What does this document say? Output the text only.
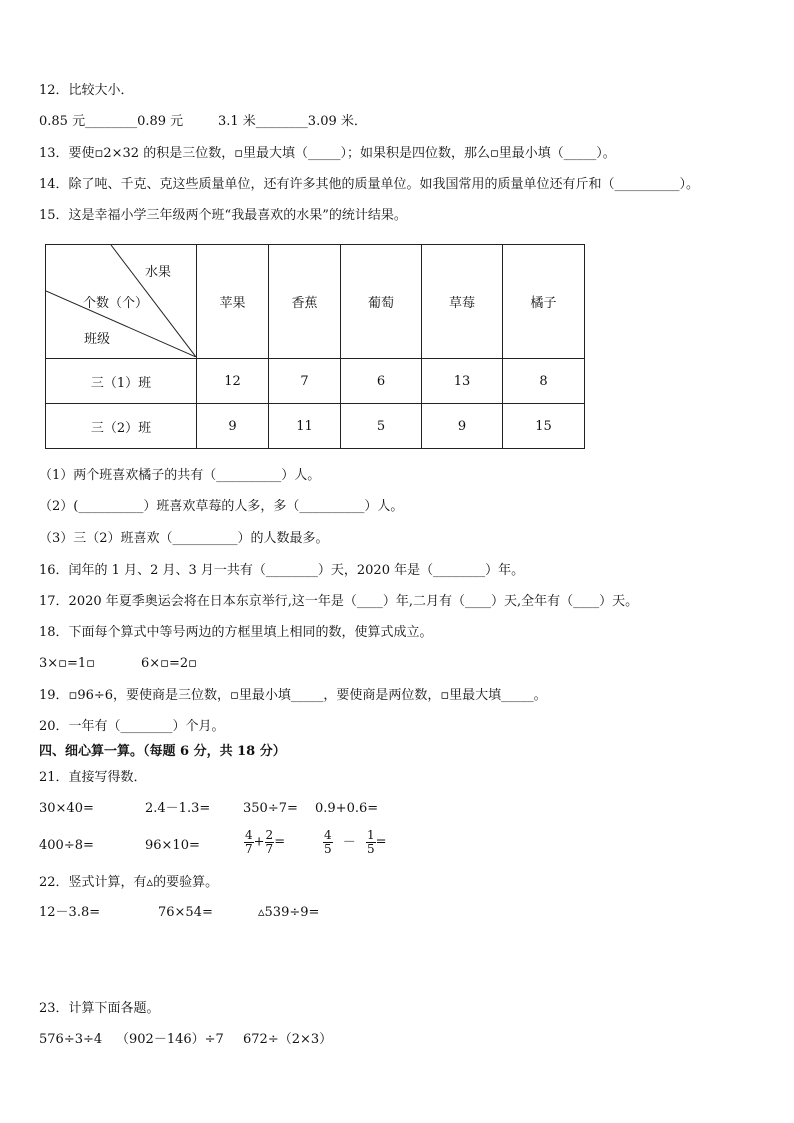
12．比较大小．
0.85 元________0.89 元	3.1 米________3.09 米．
13．要使▫2×32 的积是三位数，▫里最大填（_____）；如果积是四位数，那么▫里最小填（_____）。
14．除了吨、千克、克这些质量单位，还有许多其他的质量单位。如我国常用的质量单位还有斤和（__________）。
15．这是幸福小学三年级两个班“我最喜欢的水果”的统计结果。
水果
个数（个）
班级	苹果	香蕉	葡萄	草莓	橘子
三（1）班	12	7	6	13	8
三（2）班	9	11	5	9	15
（1）两个班喜欢橘子的共有（__________）人。
（2）(__________）班喜欢草莓的人多，多（__________）人。
（3）三（2）班喜欢（__________）的人数最多。
16．闰年的 1 月、2 月、3 月一共有（________）天，2020 年是（________）年。
17．2020 年夏季奥运会将在日本东京举行,这一年是（____）年,二月有（____）天,全年有（____）天。
18．下面每个算式中等号两边的方框里填上相同的数，使算式成立。
3×▫=1▫	6×▫=2▫
19．▫96÷6，要使商是三位数，▫里最小填_____，要使商是两位数，▫里最大填_____。
20．一年有（________）个月。
四、细心算一算。（每题 6 分，共 18 分）
21．直接写得数．
30×40=	2.4－1.3=	350÷7= 0.9+0.6=
400÷8=	96×10=	$\frac{4}{7} + \frac{2}{7}$ =	$\frac{4}{5} - \frac{1}{5}$ =
22．竖式计算，有▵的要验算。
12－3.8=	76×54=	▵539÷9=
23．计算下面各题。
576÷3÷4 （902－146）÷7 672÷（2×3）
